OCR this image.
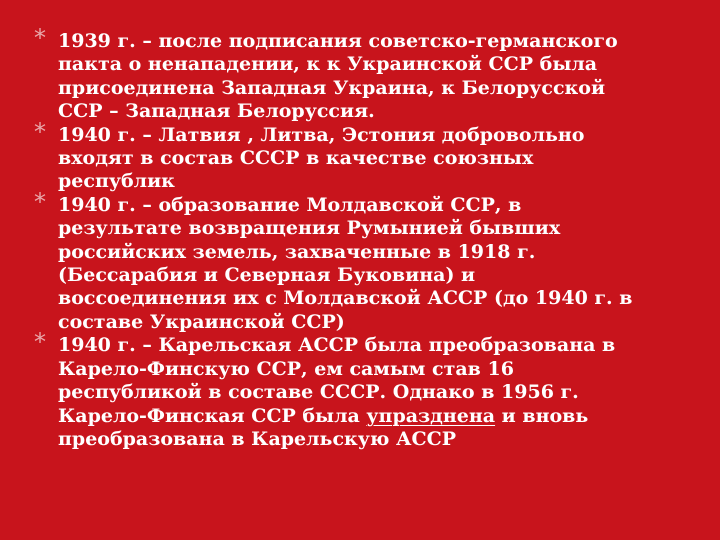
* 1939 г. – после подписания советско-германского
пакта о ненападении, к к Украинской ССР была
присоединена Западная Украина, к Белорусской
ССР – Западная Белоруссия.
* 1940 г. – Латвия , Литва, Эстония добровольно
входят в состав СССР в качестве союзных
республик
* 1940 г. – образование Молдавской ССР, в
результате возвращения Румынией бывших
российских земель, захваченные в 1918 г.
(Бессарабия и Северная Буковина) и
воссоединения их с Молдавской АССР (до 1940 г. в
составе Украинской ССР)
* 1940 г. – Карельская АССР была преобразована в
Карело-Финскую ССР, ем самым став 16
республикой в составе СССР. Однако в 1956 г.
Карело-Финская ССР была упразднена и вновь
преобразована в Карельскую АССР
